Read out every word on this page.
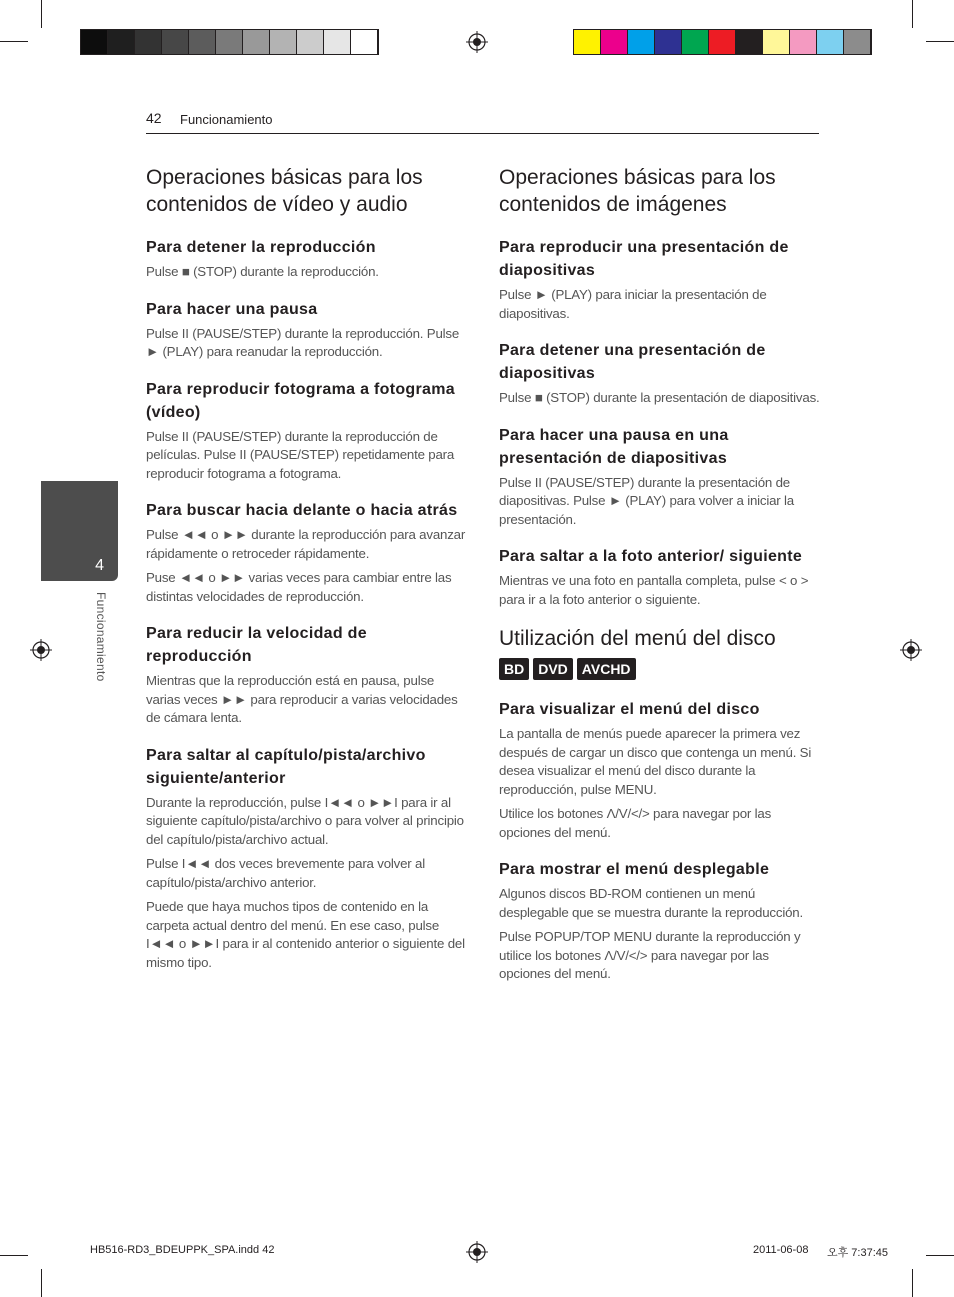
42 Funcionamiento
4
Funcionamiento
Operaciones básicas para los contenidos de vídeo y audio
Para detener la reproducción

Pulse ■ (STOP) durante la reproducción.

Para hacer una pausa

Pulse II (PAUSE/STEP) durante la reproducción. Pulse ► (PLAY) para reanudar la reproducción.

Para reproducir fotograma a fotograma (vídeo)

Pulse II (PAUSE/STEP) durante la reproducción de películas. Pulse II (PAUSE/STEP) repetidamente para reproducir fotograma a fotograma.

Para buscar hacia delante o hacia atrás

Pulse ◄◄ o ►► durante la reproducción para avanzar rápidamente o retroceder rápidamente.

Puse ◄◄ o ►► varias veces para cambiar entre las distintas velocidades de reproducción.

Para reducir la velocidad de reproducción

Mientras que la reproducción está en pausa, pulse varias veces ►► para reproducir a varias velocidades de cámara lenta.

Para saltar al capítulo/pista/archivo siguiente/anterior

Durante la reproducción, pulse I◄◄ o ►►I para ir al siguiente capítulo/pista/archivo o para volver al principio del capítulo/pista/archivo actual.

Pulse I◄◄ dos veces brevemente para volver al capítulo/pista/archivo anterior.

Puede que haya muchos tipos de contenido en la carpeta actual dentro del menú. En ese caso, pulse I◄◄ o ►►I para ir al contenido anterior o siguiente del mismo tipo.

Operaciones básicas para los contenidos de imágenes
Para reproducir una presentación de diapositivas

Pulse ► (PLAY) para iniciar la presentación de diapositivas.

Para detener una presentación de diapositivas

Pulse ■ (STOP) durante la presentación de diapositivas.

Para hacer una pausa en una presentación de diapositivas

Pulse II (PAUSE/STEP) durante la presentación de diapositivas. Pulse ► (PLAY) para volver a iniciar la presentación.

Para saltar a la foto anterior/ siguiente

Mientras ve una foto en pantalla completa, pulse < o > para ir a la foto anterior o siguiente.

Utilización del menú del disco
BD DVD AVCHD
Para visualizar el menú del disco

La pantalla de menús puede aparecer la primera vez después de cargar un disco que contenga un menú. Si desea visualizar el menú del disco durante la reproducción, pulse MENU.

Utilice los botones Λ/V/</> para navegar por las opciones del menú.

Para mostrar el menú desplegable

Algunos discos BD-ROM contienen un menú desplegable que se muestra durante la reproducción.

Pulse POPUP/TOP MENU durante la reproducción y utilice los botones Λ/V/</> para navegar por las opciones del menú.

HB516-RD3_BDEUPPK_SPA.indd 42	2011-06-08 오후 7:37:45
